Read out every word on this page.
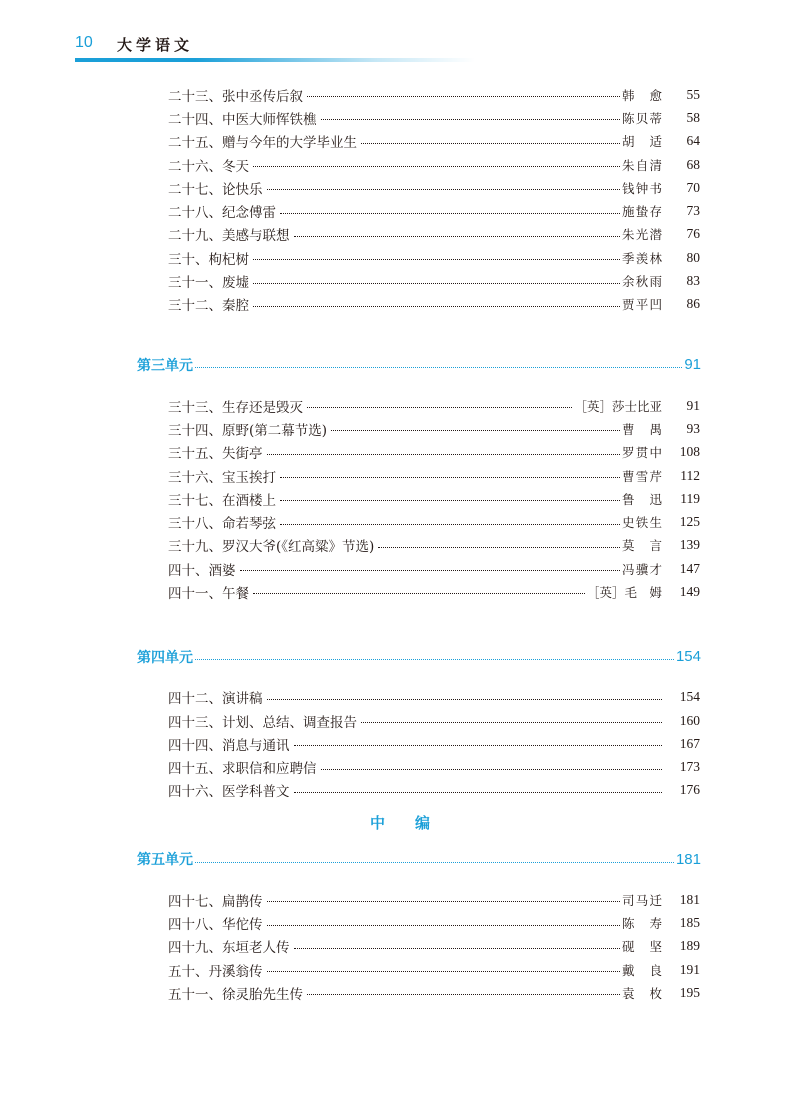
10 大学语文
二十三、张中丞传后叙	韩　愈	55
二十四、中医大师恽铁樵	陈贝蒂	58
二十五、赠与今年的大学毕业生	胡　适	64
二十六、冬天	朱自清	68
二十七、论快乐	钱钟书	70
二十八、纪念傅雷	施蛰存	73
二十九、美感与联想	朱光潜	76
三十、枸杞树	季羡林	80
三十一、废墟	余秋雨	83
三十二、秦腔	贾平凹	86
第三单元	91
三十三、生存还是毁灭	［英］莎士比亚	91
三十四、原野(第二幕节选)	曹　禺	93
三十五、失街亭	罗贯中	108
三十六、宝玉挨打	曹雪芹	112
三十七、在酒楼上	鲁　迅	119
三十八、命若琴弦	史铁生	125
三十九、罗汉大爷(《红高粱》节选)	莫　言	139
四十、酒婆	冯骥才	147
四十一、午餐	［英］毛　姆	149
第四单元	154
四十二、演讲稿	154
四十三、计划、总结、调查报告	160
四十四、消息与通讯	167
四十五、求职信和应聘信	173
四十六、医学科普文	176
中编
第五单元	181
四十七、扁鹊传	司马迁	181
四十八、华佗传	陈　寿	185
四十九、东垣老人传	砚　坚	189
五十、丹溪翁传	戴　良	191
五十一、徐灵胎先生传	袁　枚	195
